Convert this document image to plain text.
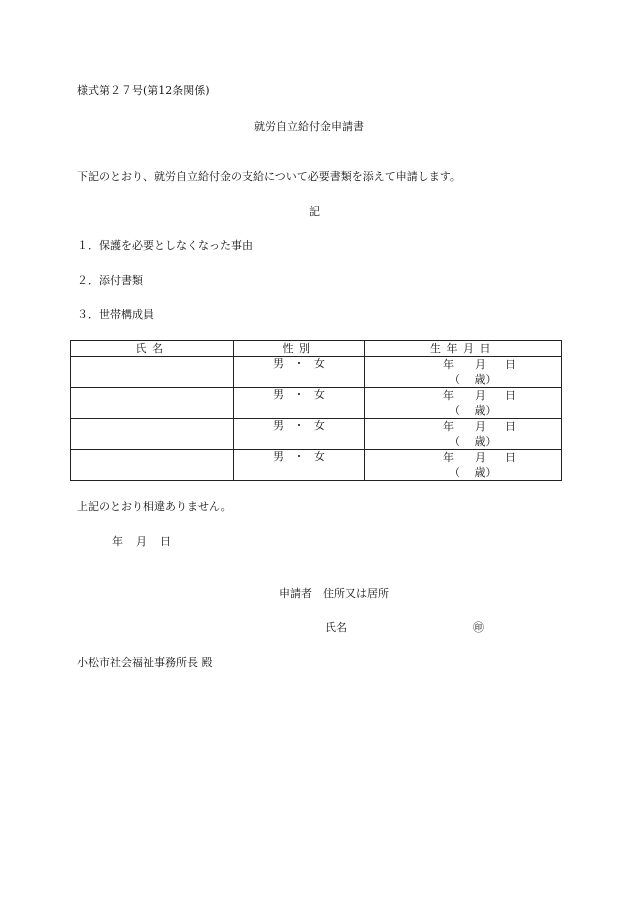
様式第２７号(第12条関係)
就労自立給付金申請書
下記のとおり、就労自立給付金の支給について必要書類を添えて申請します。
記
１．保護を必要としなくなった事由
２．添付書類
３．世帯構成員
氏名	性別	生年月日
	男 ・ 女	年 月 日
（　 歳）

	男 ・ 女	年 月 日
（　 歳）

	男 ・ 女	年 月 日
（　 歳）

	男 ・ 女	年 月 日
（　 歳）
上記のとおり相違ありません。
年 月 日
申請者 住所又は居所
氏名	㊞
小松市社会福祉事務所長 殿
